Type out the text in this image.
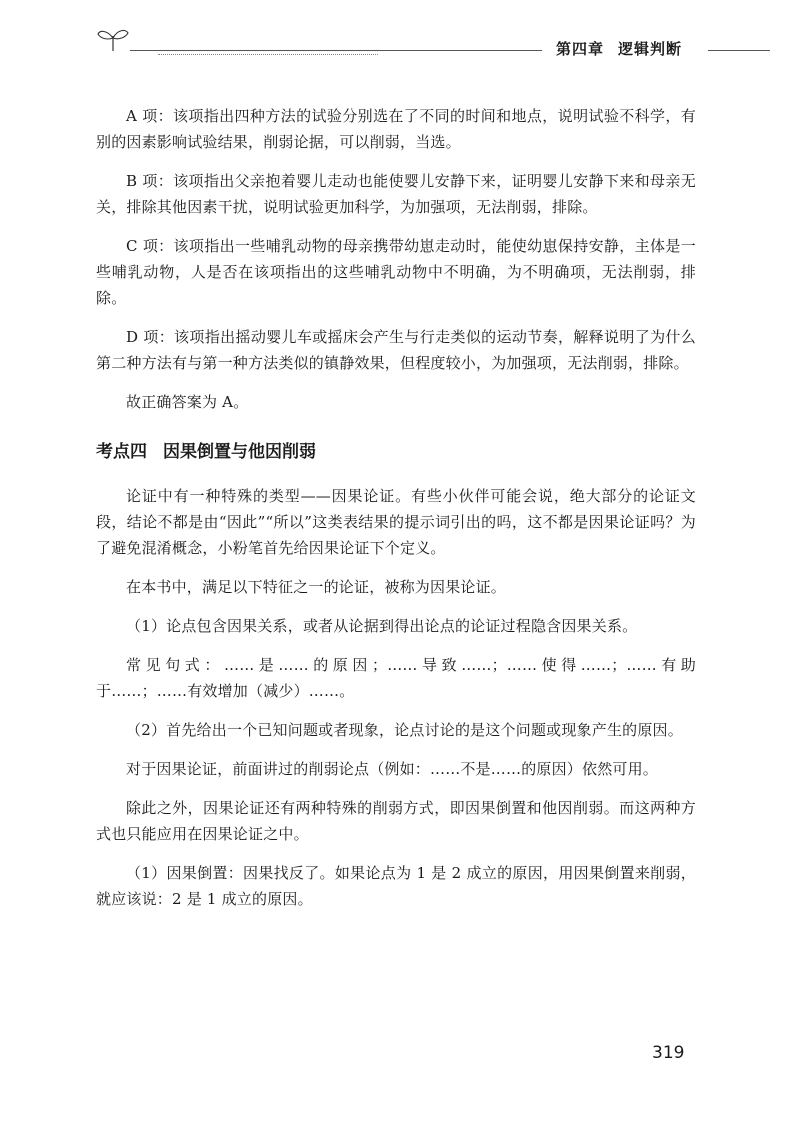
第四章 逻辑判断

A 项：该项指出四种方法的试验分别选在了不同的时间和地点，说明试验不科学，有别的因素影响试验结果，削弱论据，可以削弱，当选。

B 项：该项指出父亲抱着婴儿走动也能使婴儿安静下来，证明婴儿安静下来和母亲无关，排除其他因素干扰，说明试验更加科学，为加强项，无法削弱，排除。

C 项：该项指出一些哺乳动物的母亲携带幼崽走动时，能使幼崽保持安静，主体是一些哺乳动物，人是否在该项指出的这些哺乳动物中不明确，为不明确项，无法削弱，排除。

D 项：该项指出摇动婴儿车或摇床会产生与行走类似的运动节奏，解释说明了为什么第二种方法有与第一种方法类似的镇静效果，但程度较小，为加强项，无法削弱，排除。

故正确答案为 A。

考点四 因果倒置与他因削弱

论证中有一种特殊的类型——因果论证。有些小伙伴可能会说，绝大部分的论证文段，结论不都是由“因此”“所以”这类表结果的提示词引出的吗，这不都是因果论证吗？为了避免混淆概念，小粉笔首先给因果论证下个定义。

在本书中，满足以下特征之一的论证，被称为因果论证。

（1）论点包含因果关系，或者从论据到得出论点的论证过程隐含因果关系。

常见句式：……是……的原因；……导致……；……使得……；……有助于……；……有效增加（减少）……。

（2）首先给出一个已知问题或者现象，论点讨论的是这个问题或现象产生的原因。

对于因果论证，前面讲过的削弱论点（例如：……不是……的原因）依然可用。

除此之外，因果论证还有两种特殊的削弱方式，即因果倒置和他因削弱。而这两种方式也只能应用在因果论证之中。

（1）因果倒置：因果找反了。如果论点为 1 是 2 成立的原因，用因果倒置来削弱，就应该说：2 是 1 成立的原因。

319
